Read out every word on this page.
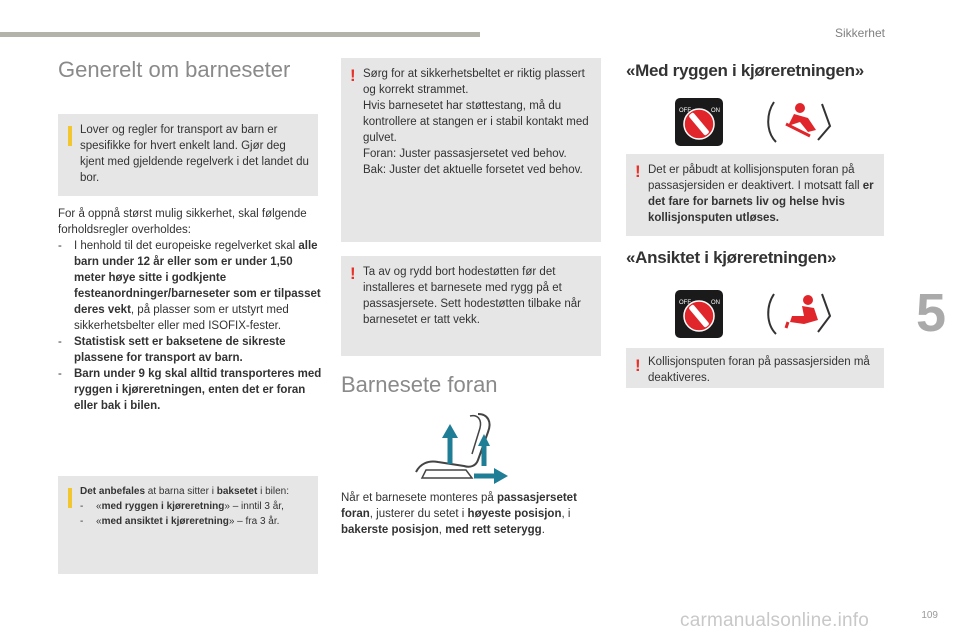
Sikkerhet
5
109
carmanualsonline.info
Generelt om barneseter
Lover og regler for transport av barn er spesifikke for hvert enkelt land. Gjør deg kjent med gjeldende regelverk i det landet du bor.
For å oppnå størst mulig sikkerhet, skal følgende forholdsregler overholdes:
-	I henhold til det europeiske regelverket skal alle barn under 12 år eller som er under 1,50 meter høye sitte i godkjente festeanordninger/barneseter som er tilpasset deres vekt, på plasser som er utstyrt med sikkerhetsbelter eller med ISOFIX-fester.
-	Statistisk sett er baksetene de sikreste plassene for transport av barn.
-	Barn under 9 kg skal alltid transporteres med ryggen i kjøreretningen, enten det er foran eller bak i bilen.
Det anbefales at barna sitter i baksetet i bilen:
-	«med ryggen i kjøreretning» – inntil 3 år,
-	«med ansiktet i kjøreretning» – fra 3 år.
! Sørg for at sikkerhetsbeltet er riktig plassert og korrekt strammet.
Hvis barnesetet har støttestang, må du kontrollere at stangen er i stabil kontakt med gulvet.
Foran: Juster passasjersetet ved behov.
Bak: Juster det aktuelle forsetet ved behov.
! Ta av og rydd bort hodestøtten før det installeres et barnesete med rygg på et passasjersete. Sett hodestøtten tilbake når barnesetet er tatt vekk.
Barnesete foran
Når et barnesete monteres på passasjersetet foran, justerer du setet i høyeste posisjon, i bakerste posisjon, med rett seterygg.
«Med ryggen i kjøreretningen»
OFF	ON
! Det er påbudt at kollisjonsputen foran på passasjersiden er deaktivert. I motsatt fall er det fare for barnets liv og helse hvis kollisjonsputen utløses.
«Ansiktet i kjøreretningen»
OFF	ON
! Kollisjonsputen foran på passasjersiden må deaktiveres.
